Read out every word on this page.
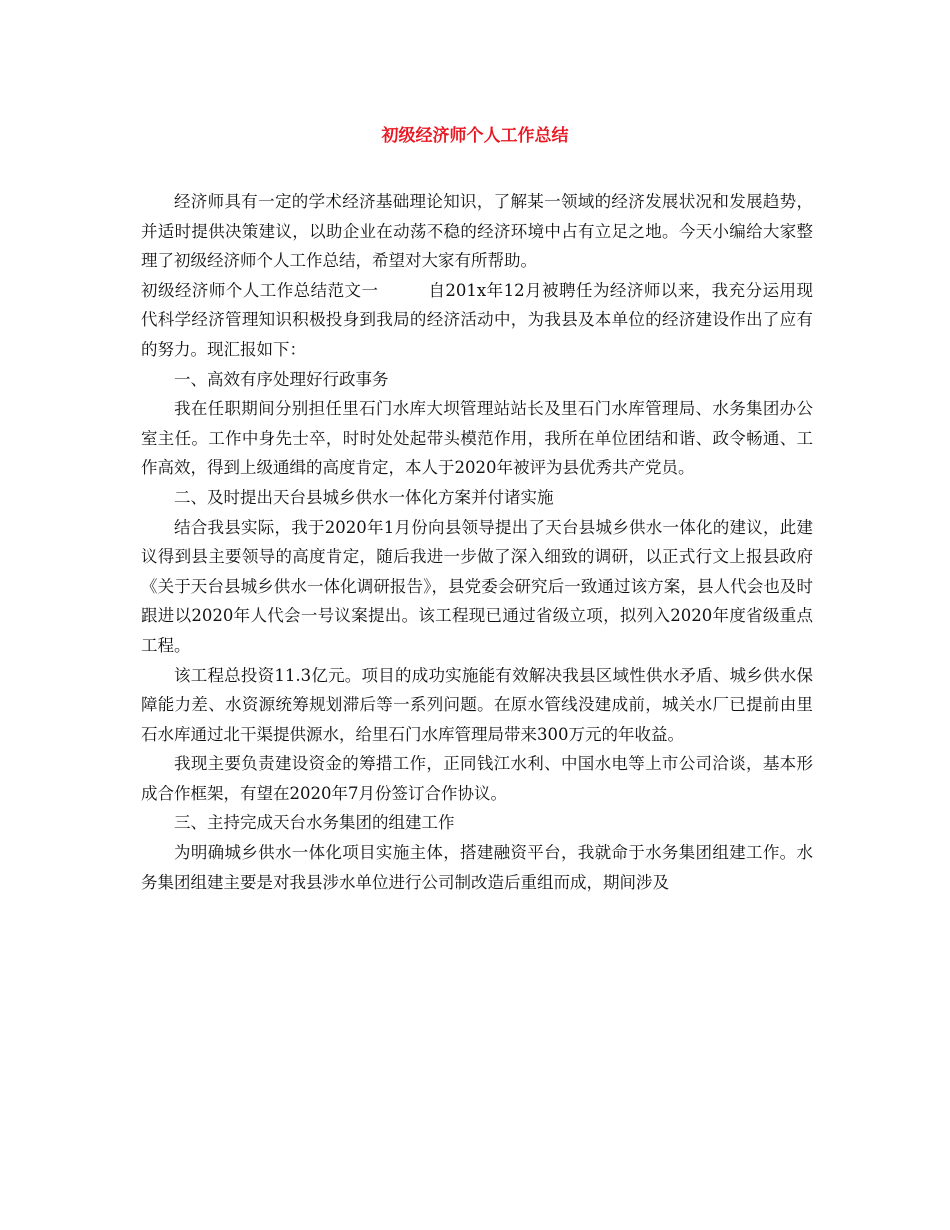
初级经济师个人工作总结

经济师具有一定的学术经济基础理论知识，了解某一领域的经济发展状况和发展趋势，并适时提供决策建议，以助企业在动荡不稳的经济环境中占有立足之地。今天小编给大家整理了初级经济师个人工作总结，希望对大家有所帮助。

初级经济师个人工作总结范文一	自201x年12月被聘任为经济师以来，我充分运用现代科学经济管理知识积极投身到我局的经济活动中，为我县及本单位的经济建设作出了应有的努力。现汇报如下：

一、高效有序处理好行政事务

我在任职期间分别担任里石门水库大坝管理站站长及里石门水库管理局、水务集团办公室主任。工作中身先士卒，时时处处起带头模范作用，我所在单位团结和谐、政令畅通、工作高效，得到上级通缉的高度肯定，本人于2020年被评为县优秀共产党员。

二、及时提出天台县城乡供水一体化方案并付诸实施

结合我县实际，我于2020年1月份向县领导提出了天台县城乡供水一体化的建议，此建议得到县主要领导的高度肯定，随后我进一步做了深入细致的调研，以正式行文上报县政府《关于天台县城乡供水一体化调研报告》，县党委会研究后一致通过该方案，县人代会也及时跟进以2020年人代会一号议案提出。该工程现已通过省级立项，拟列入2020年度省级重点工程。

该工程总投资11.3亿元。项目的成功实施能有效解决我县区域性供水矛盾、城乡供水保障能力差、水资源统筹规划滞后等一系列问题。在原水管线没建成前，城关水厂已提前由里石水库通过北干渠提供源水，给里石门水库管理局带来300万元的年收益。

我现主要负责建设资金的筹措工作，正同钱江水利、中国水电等上市公司洽谈，基本形成合作框架，有望在2020年7月份签订合作协议。

三、主持完成天台水务集团的组建工作

为明确城乡供水一体化项目实施主体，搭建融资平台，我就命于水务集团组建工作。水务集团组建主要是对我县涉水单位进行公司制改造后重组而成，期间涉及
